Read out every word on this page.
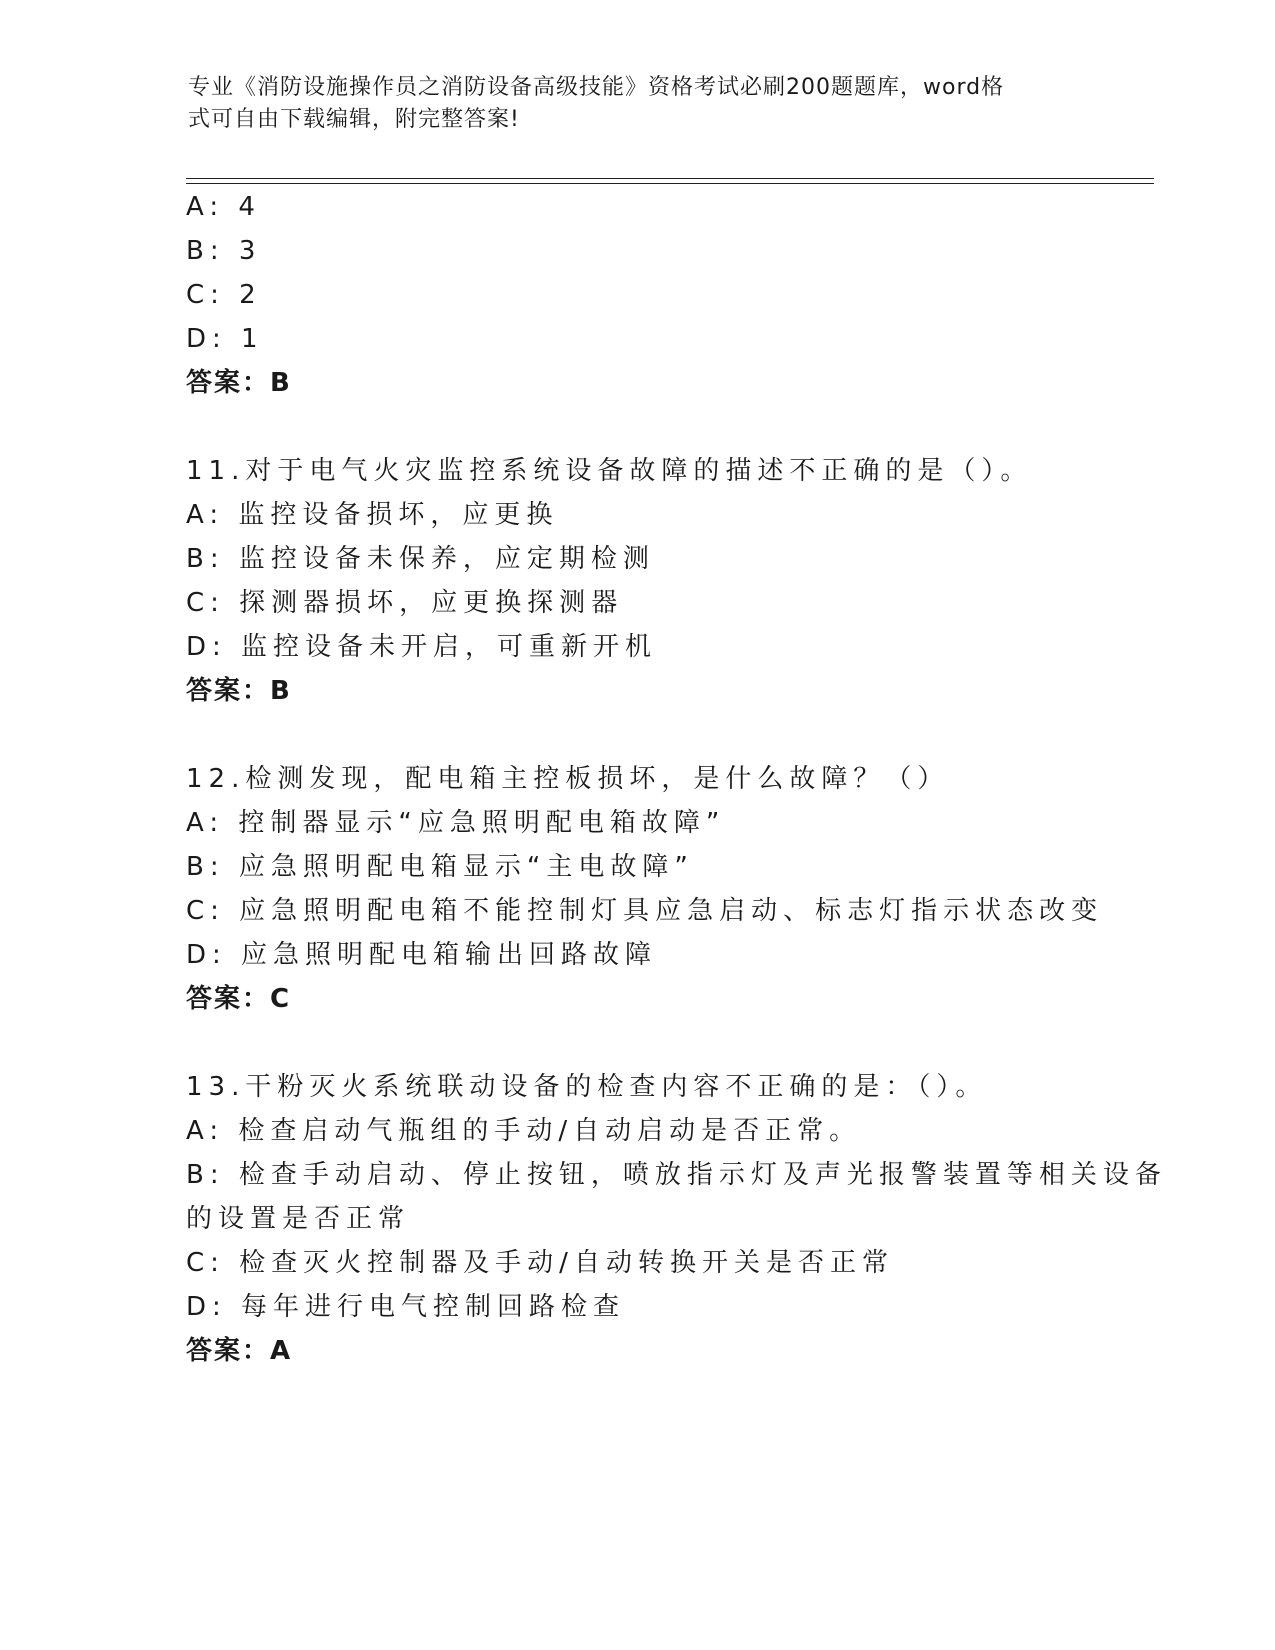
专业《消防设施操作员之消防设备高级技能》资格考试必刷200题题库，word格
式可自由下载编辑，附完整答案!
A: 4
B: 3
C: 2
D: 1
答案：B
11.对于电气火灾监控系统设备故障的描述不正确的是（）。
A: 监控设备损坏，应更换
B: 监控设备未保养，应定期检测
C: 探测器损坏，应更换探测器
D: 监控设备未开启，可重新开机
答案：B
12.检测发现，配电箱主控板损坏，是什么故障？（）
A: 控制器显示“应急照明配电箱故障”
B: 应急照明配电箱显示“主电故障”
C: 应急照明配电箱不能控制灯具应急启动、标志灯指示状态改变
D: 应急照明配电箱输出回路故障
答案：C
13.干粉灭火系统联动设备的检查内容不正确的是：（）。
A: 检查启动气瓶组的手动/自动启动是否正常。
B: 检查手动启动、停止按钮，喷放指示灯及声光报警装置等相关设备
的设置是否正常
C: 检查灭火控制器及手动/自动转换开关是否正常
D: 每年进行电气控制回路检查
答案：A
